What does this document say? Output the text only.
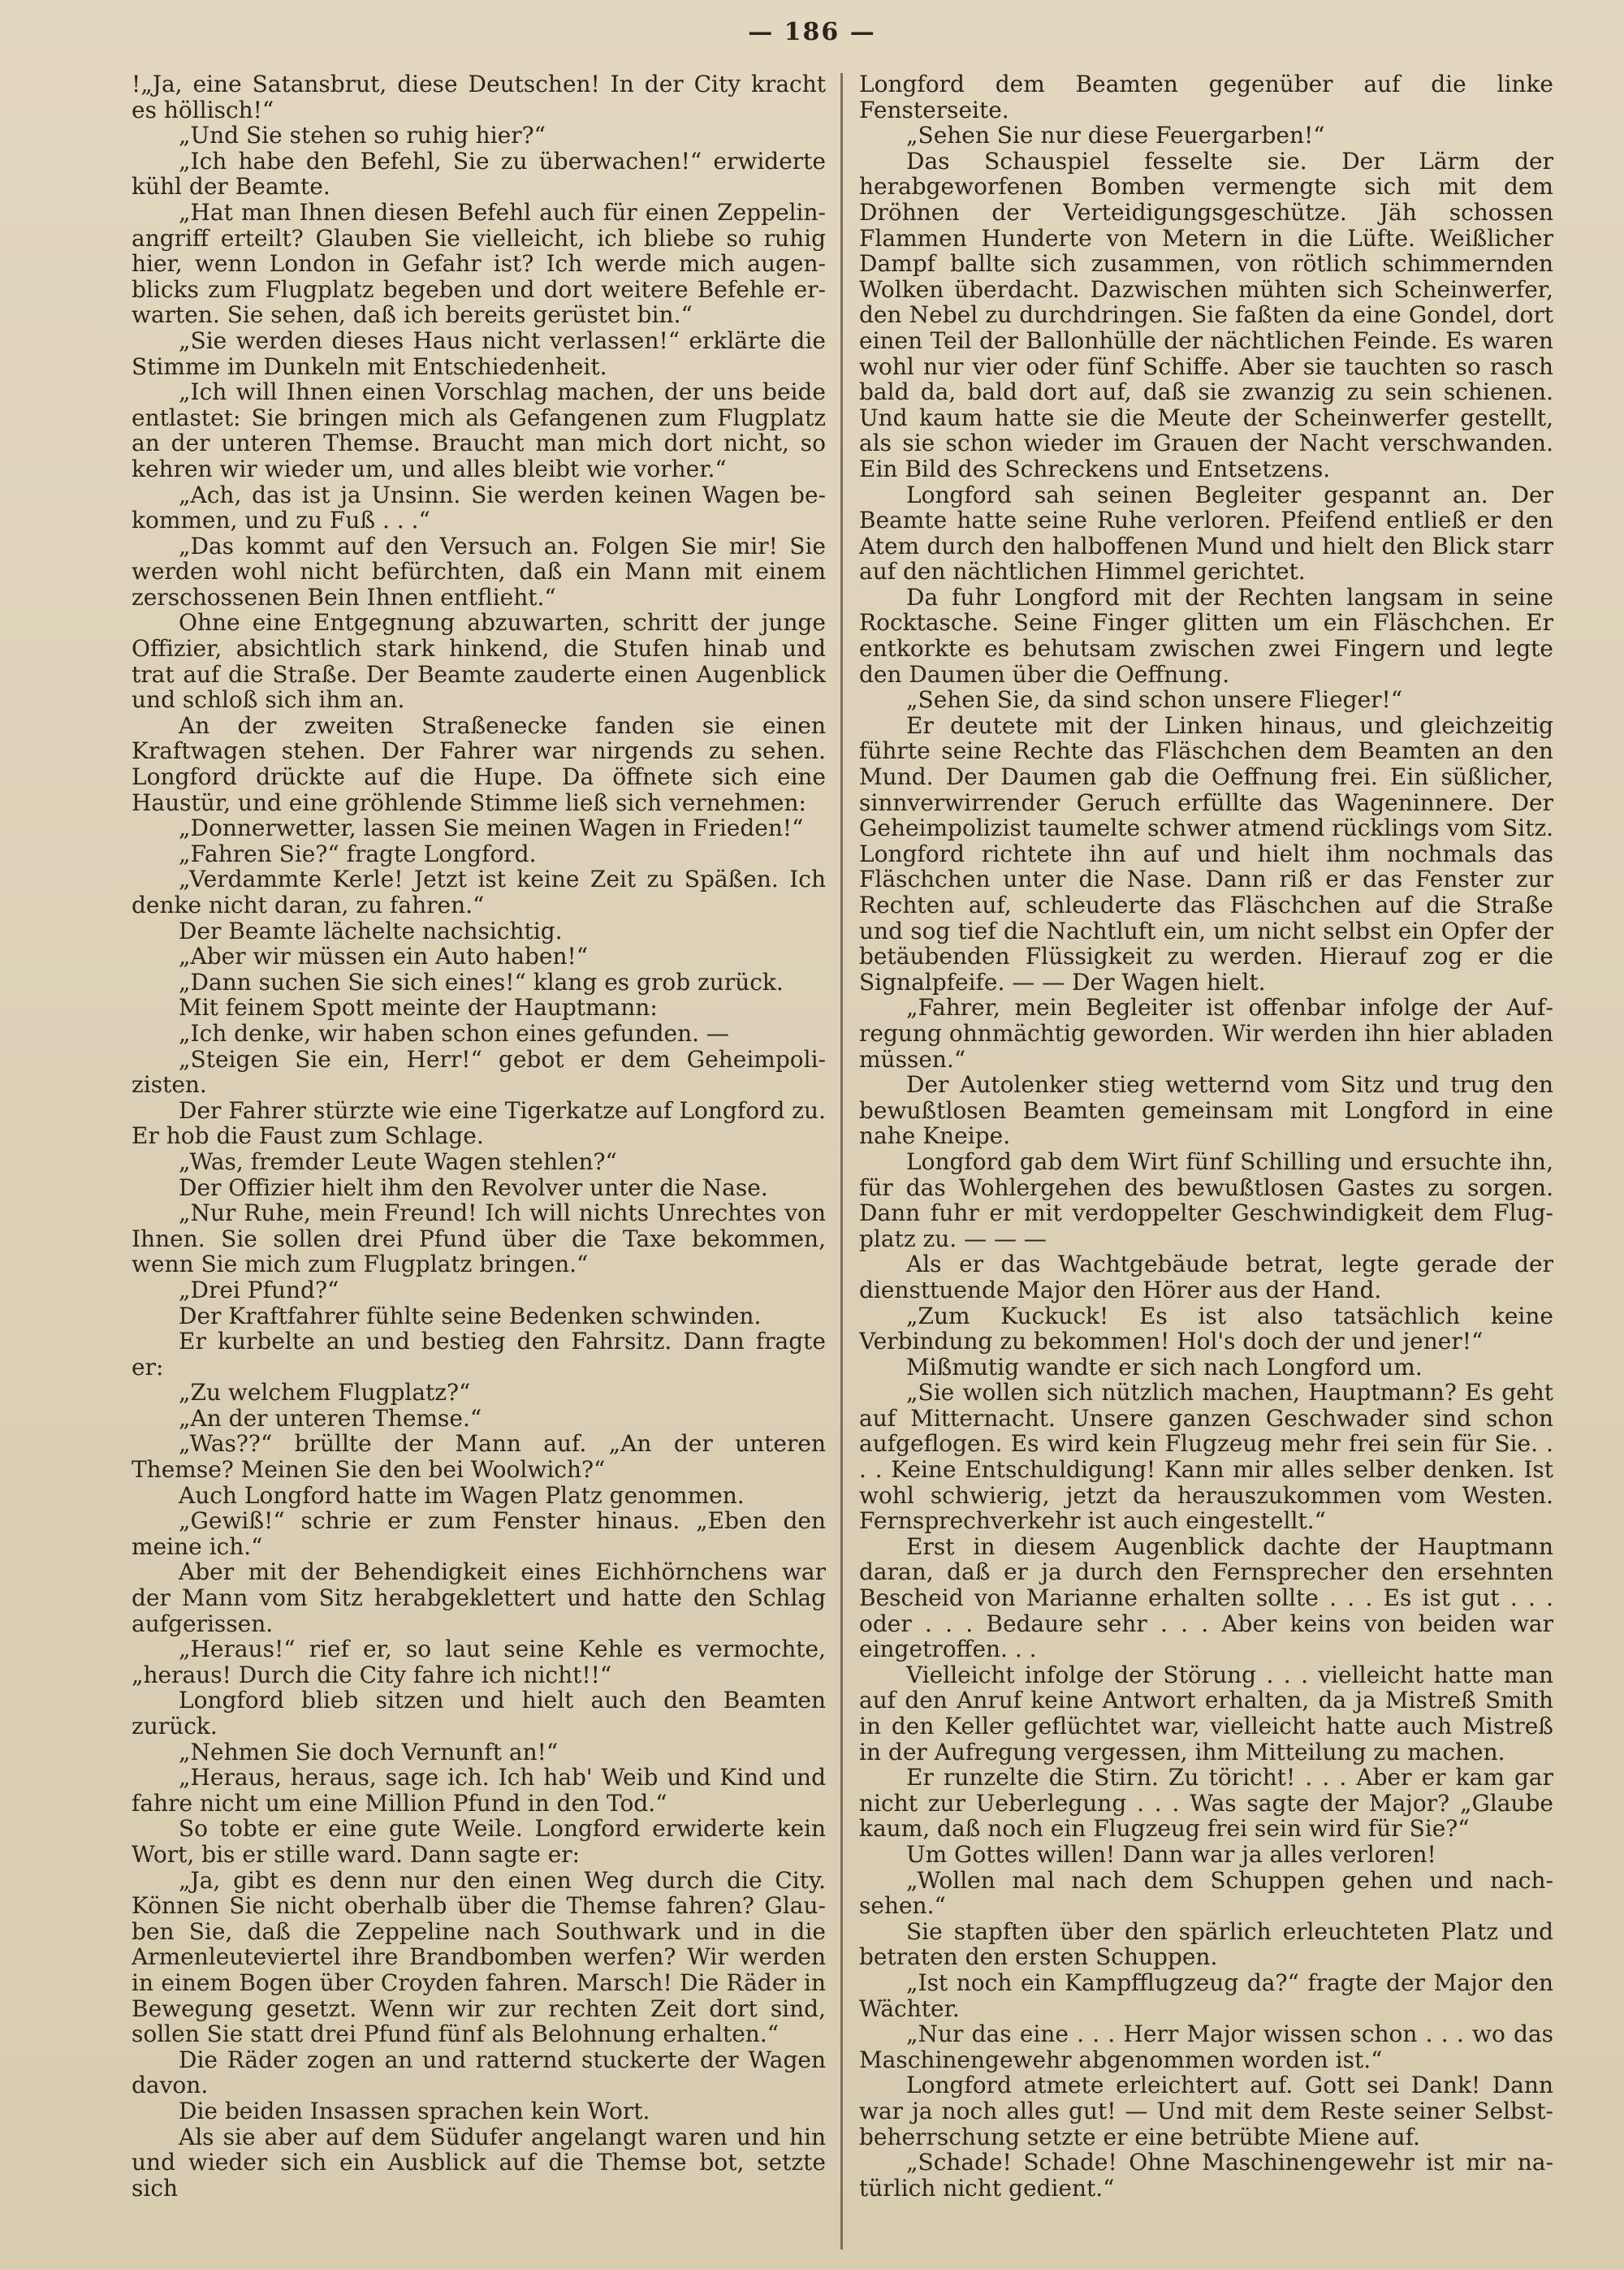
— 186 —

!„Ja, eine Satansbrut, diese Deutschen! In der City kracht es höllisch!“

„Und Sie stehen so ruhig hier?“

„Ich habe den Befehl, Sie zu überwachen!“ erwiderte kühl der Beamte.

„Hat man Ihnen diesen Befehl auch für einen Zeppelinangriff erteilt? Glauben Sie vielleicht, ich bliebe so ruhig hier, wenn London in Gefahr ist? Ich werde mich augenblicks zum Flugplatz begeben und dort weitere Befehle erwarten. Sie sehen, daß ich bereits gerüstet bin.“

„Sie werden dieses Haus nicht verlassen!“ erklärte die Stimme im Dunkeln mit Entschiedenheit.

„Ich will Ihnen einen Vorschlag machen, der uns beide entlastet: Sie bringen mich als Gefangenen zum Flugplatz an der unteren Themse. Braucht man mich dort nicht, so kehren wir wieder um, und alles bleibt wie vorher.“

„Ach, das ist ja Unsinn. Sie werden keinen Wagen bekommen, und zu Fuß . . .“

„Das kommt auf den Versuch an. Folgen Sie mir! Sie werden wohl nicht befürchten, daß ein Mann mit einem zerschossenen Bein Ihnen entflieht.“

Ohne eine Entgegnung abzuwarten, schritt der junge Offizier, absichtlich stark hinkend, die Stufen hinab und trat auf die Straße. Der Beamte zauderte einen Augenblick und schloß sich ihm an.

An der zweiten Straßenecke fanden sie einen Kraftwagen stehen. Der Fahrer war nirgends zu sehen. Longford drückte auf die Hupe. Da öffnete sich eine Haustür, und eine gröhlende Stimme ließ sich vernehmen:

„Donnerwetter, lassen Sie meinen Wagen in Frieden!“

„Fahren Sie?“ fragte Longford.

„Verdammte Kerle! Jetzt ist keine Zeit zu Späßen. Ich denke nicht daran, zu fahren.“

Der Beamte lächelte nachsichtig.

„Aber wir müssen ein Auto haben!“

„Dann suchen Sie sich eines!“ klang es grob zurück.

Mit feinem Spott meinte der Hauptmann:

„Ich denke, wir haben schon eines gefunden. —

„Steigen Sie ein, Herr!“ gebot er dem Geheimpolizisten.

Der Fahrer stürzte wie eine Tigerkatze auf Longford zu. Er hob die Faust zum Schlage.

„Was, fremder Leute Wagen stehlen?“

Der Offizier hielt ihm den Revolver unter die Nase.

„Nur Ruhe, mein Freund! Ich will nichts Unrechtes von Ihnen. Sie sollen drei Pfund über die Taxe bekommen, wenn Sie mich zum Flugplatz bringen.“

„Drei Pfund?“

Der Kraftfahrer fühlte seine Bedenken schwinden.

Er kurbelte an und bestieg den Fahrsitz. Dann fragte er:

„Zu welchem Flugplatz?“

„An der unteren Themse.“

„Was??“ brüllte der Mann auf. „An der unteren Themse? Meinen Sie den bei Woolwich?“

Auch Longford hatte im Wagen Platz genommen.

„Gewiß!“ schrie er zum Fenster hinaus. „Eben den meine ich.“

Aber mit der Behendigkeit eines Eichhörnchens war der Mann vom Sitz herabgeklettert und hatte den Schlag aufgerissen.

„Heraus!“ rief er, so laut seine Kehle es vermochte, „heraus! Durch die City fahre ich nicht!!“

Longford blieb sitzen und hielt auch den Beamten zurück.

„Nehmen Sie doch Vernunft an!“

„Heraus, heraus, sage ich. Ich hab' Weib und Kind und fahre nicht um eine Million Pfund in den Tod.“

So tobte er eine gute Weile. Longford erwiderte kein Wort, bis er stille ward. Dann sagte er:

„Ja, gibt es denn nur den einen Weg durch die City. Können Sie nicht oberhalb über die Themse fahren? Glauben Sie, daß die Zeppeline nach Southwark und in die Armenleuteviertel ihre Brandbomben werfen? Wir werden in einem Bogen über Croyden fahren. Marsch! Die Räder in Bewegung gesetzt. Wenn wir zur rechten Zeit dort sind, sollen Sie statt drei Pfund fünf als Belohnung erhalten.“

Die Räder zogen an und ratternd stuckerte der Wagen davon.

Die beiden Insassen sprachen kein Wort.

Als sie aber auf dem Südufer angelangt waren und hin und wieder sich ein Ausblick auf die Themse bot, setzte sich

Longford dem Beamten gegenüber auf die linke Fensterseite.

„Sehen Sie nur diese Feuergarben!“

Das Schauspiel fesselte sie. Der Lärm der herabgeworfenen Bomben vermengte sich mit dem Dröhnen der Verteidigungsgeschütze. Jäh schossen Flammen Hunderte von Metern in die Lüfte. Weißlicher Dampf ballte sich zusammen, von rötlich schimmernden Wolken überdacht. Dazwischen mühten sich Scheinwerfer, den Nebel zu durchdringen. Sie faßten da eine Gondel, dort einen Teil der Ballonhülle der nächtlichen Feinde. Es waren wohl nur vier oder fünf Schiffe. Aber sie tauchten so rasch bald da, bald dort auf, daß sie zwanzig zu sein schienen. Und kaum hatte sie die Meute der Scheinwerfer gestellt, als sie schon wieder im Grauen der Nacht verschwanden. Ein Bild des Schreckens und Entsetzens.

Longford sah seinen Begleiter gespannt an. Der Beamte hatte seine Ruhe verloren. Pfeifend entließ er den Atem durch den halboffenen Mund und hielt den Blick starr auf den nächtlichen Himmel gerichtet.

Da fuhr Longford mit der Rechten langsam in seine Rocktasche. Seine Finger glitten um ein Fläschchen. Er entkorkte es behutsam zwischen zwei Fingern und legte den Daumen über die Oeffnung.

„Sehen Sie, da sind schon unsere Flieger!“

Er deutete mit der Linken hinaus, und gleichzeitig führte seine Rechte das Fläschchen dem Beamten an den Mund. Der Daumen gab die Oeffnung frei. Ein süßlicher, sinnverwirrender Geruch erfüllte das Wageninnere. Der Geheimpolizist taumelte schwer atmend rücklings vom Sitz. Longford richtete ihn auf und hielt ihm nochmals das Fläschchen unter die Nase. Dann riß er das Fenster zur Rechten auf, schleuderte das Fläschchen auf die Straße und sog tief die Nachtluft ein, um nicht selbst ein Opfer der betäubenden Flüssigkeit zu werden. Hierauf zog er die Signalpfeife. — — Der Wagen hielt.

„Fahrer, mein Begleiter ist offenbar infolge der Aufregung ohnmächtig geworden. Wir werden ihn hier abladen müssen.“

Der Autolenker stieg wetternd vom Sitz und trug den bewußtlosen Beamten gemeinsam mit Longford in eine nahe Kneipe.

Longford gab dem Wirt fünf Schilling und ersuchte ihn, für das Wohlergehen des bewußtlosen Gastes zu sorgen. Dann fuhr er mit verdoppelter Geschwindigkeit dem Flugplatz zu. — — —

Als er das Wachtgebäude betrat, legte gerade der diensttuende Major den Hörer aus der Hand.

„Zum Kuckuck! Es ist also tatsächlich keine Verbindung zu bekommen! Hol's doch der und jener!“

Mißmutig wandte er sich nach Longford um.

„Sie wollen sich nützlich machen, Hauptmann? Es geht auf Mitternacht. Unsere ganzen Geschwader sind schon aufgeflogen. Es wird kein Flugzeug mehr frei sein für Sie. . . . Keine Entschuldigung! Kann mir alles selber denken. Ist wohl schwierig, jetzt da herauszukommen vom Westen. Fernsprechverkehr ist auch eingestellt.“

Erst in diesem Augenblick dachte der Hauptmann daran, daß er ja durch den Fernsprecher den ersehnten Bescheid von Marianne erhalten sollte . . . Es ist gut . . . oder . . . Bedaure sehr . . . Aber keins von beiden war eingetroffen. . .

Vielleicht infolge der Störung . . . vielleicht hatte man auf den Anruf keine Antwort erhalten, da ja Mistreß Smith in den Keller geflüchtet war, vielleicht hatte auch Mistreß in der Aufregung vergessen, ihm Mitteilung zu machen.

Er runzelte die Stirn. Zu töricht! . . . Aber er kam gar nicht zur Ueberlegung . . . Was sagte der Major? „Glaube kaum, daß noch ein Flugzeug frei sein wird für Sie?“

Um Gottes willen! Dann war ja alles verloren!

„Wollen mal nach dem Schuppen gehen und nachsehen.“

Sie stapften über den spärlich erleuchteten Platz und betraten den ersten Schuppen.

„Ist noch ein Kampfflugzeug da?“ fragte der Major den Wächter.

„Nur das eine . . . Herr Major wissen schon . . . wo das Maschinengewehr abgenommen worden ist.“

Longford atmete erleichtert auf. Gott sei Dank! Dann war ja noch alles gut! — Und mit dem Reste seiner Selbstbeherrschung setzte er eine betrübte Miene auf.

„Schade! Schade! Ohne Maschinengewehr ist mir natürlich nicht gedient.“
